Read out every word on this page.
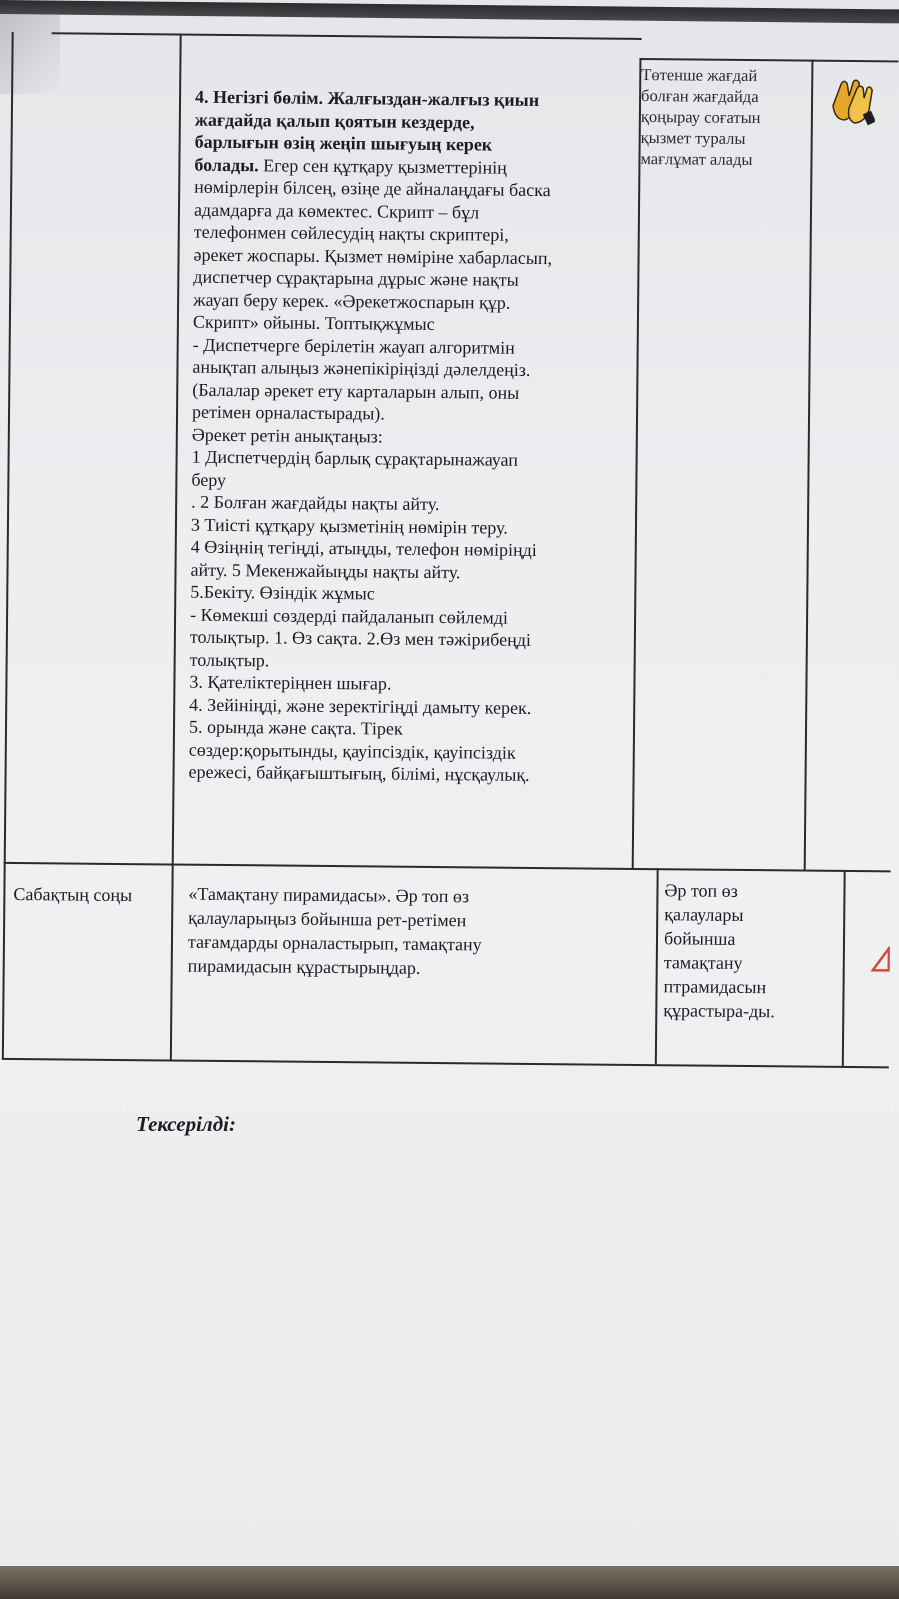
4. Негізгі бөлім. Жалғыздан-жалғыз қиын

жағдайда қалып қоятын кездерде,

барлығын өзің жеңіп шығуың керек

болады. Егер сен құтқару қызметтерінің

нөмірлерін білсең, өзіңе де айналаңдағы баска

адамдарға да көмектес. Скрипт – бұл

телефонмен сөйлесудің нақты скриптері,

әрекет жоспары. Қызмет нөміріне хабарласып,

диспетчер сұрақтарына дұрыс және нақты

жауап беру керек. «Әрекетжоспарын құр.

Скрипт» ойыны. Топтықжұмыс

- Диспетчерге берілетін жауап алгоритмін

анықтап алыңыз жәнепікіріңізді дәлелдеңіз.

(Балалар әрекет ету карталарын алып, оны

ретімен орналастырады).

Әрекет ретін анықтаңыз:

1 Диспетчердің барлық сұрақтарынажауап

беру

. 2 Болған жағдайды нақты айту.

3 Тиісті құтқару қызметінің нөмірін теру.

4 Өзіңнің тегіңді, атыңды, телефон нөміріңді

айту. 5 Мекенжайыңды нақты айту.

5.Бекіту. Өзіндік жұмыс

- Көмекші сөздерді пайдаланып сөйлемді

толықтыр. 1. Өз сақта. 2.Өз мен тәжірибеңді

толықтыр.

3. Қателіктеріңнен шығар.

4. Зейініңді, және зеректігіңді дамыту керек.

5. орында және сақта. Тірек

сөздер:қорытынды, қауіпсіздік, қауіпсіздік

ережесі, байқағыштығың, білімі, нұсқаулық.

Төтенше жағдай
болған жағдайда
қоңырау соғатын
қызмет туралы
мағлұмат алады
Сабақтың соңы	«Тамақтану пирамидасы». Әр топ өз
қалауларыңыз бойынша рет-ретімен
тағамдарды орналастырып, тамақтану
пирамидасын құрастырыңдар.
Әр топ өз
қалаулары
бойынша
тамақтану
птрамидасын
құрастыра-ды.
Тексерілді:
